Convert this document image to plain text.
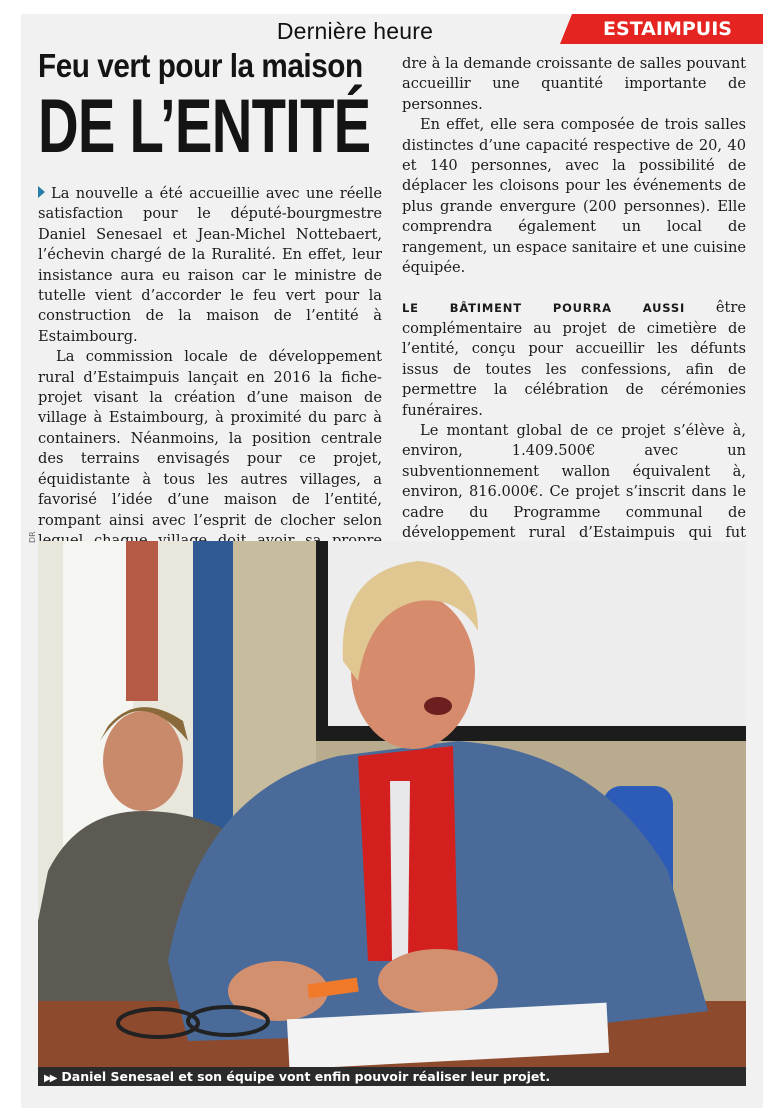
Dernière heure	ESTAIMPUIS
Feu vert pour la maison
DE L’ENTITÉ

La nouvelle a été accueillie avec une réelle satisfaction pour le député-bourgmestre Daniel Senesael et Jean-Michel Nottebaert, l’échevin chargé de la Ruralité. En effet, leur insistance aura eu raison car le ministre de tutelle vient d’accorder le feu vert pour la construction de la maison de l’entité à Estaimbourg.

La commission locale de développement rural d’Estaimpuis lançait en 2016 la fiche-projet visant la création d’une maison de village à Estaimbourg, à proximité du parc à containers. Néanmoins, la position centrale des terrains envisagés pour ce projet, équidistante à tous les autres villages, a favorisé l’idée d’une maison de l’entité, rompant ainsi avec l’esprit de clocher selon

dre à la demande croissante de salles pouvant accueillir une quantité importante de personnes.

En effet, elle sera composée de trois salles distinctes d’une capacité respective de 20, 40 et 140 personnes, avec la possibilité de déplacer les cloisons pour les événements de plus grande envergure (200 personnes). Elle comprendra également un local de rangement, un espace sanitaire et une cuisine équipée.

LE BÂTIMENT POURRA AUSSI être complémentaire au projet de cimetière de l’entité, conçu pour accueillir les défunts issus de toutes les confessions, afin de permettre la célébration de cérémonies funéraires.

Le montant global de ce projet s’élève à, environ, 1.409.500€ avec un subventionnement wallon équivalent à, environ, 816.000€. Ce projet s’inscrit dans le cadre du Programme communal de développement rural d’Estaimpuis qui fut

DR
▶▶ Daniel Senesael et son équipe vont enfin pouvoir réaliser leur projet.
